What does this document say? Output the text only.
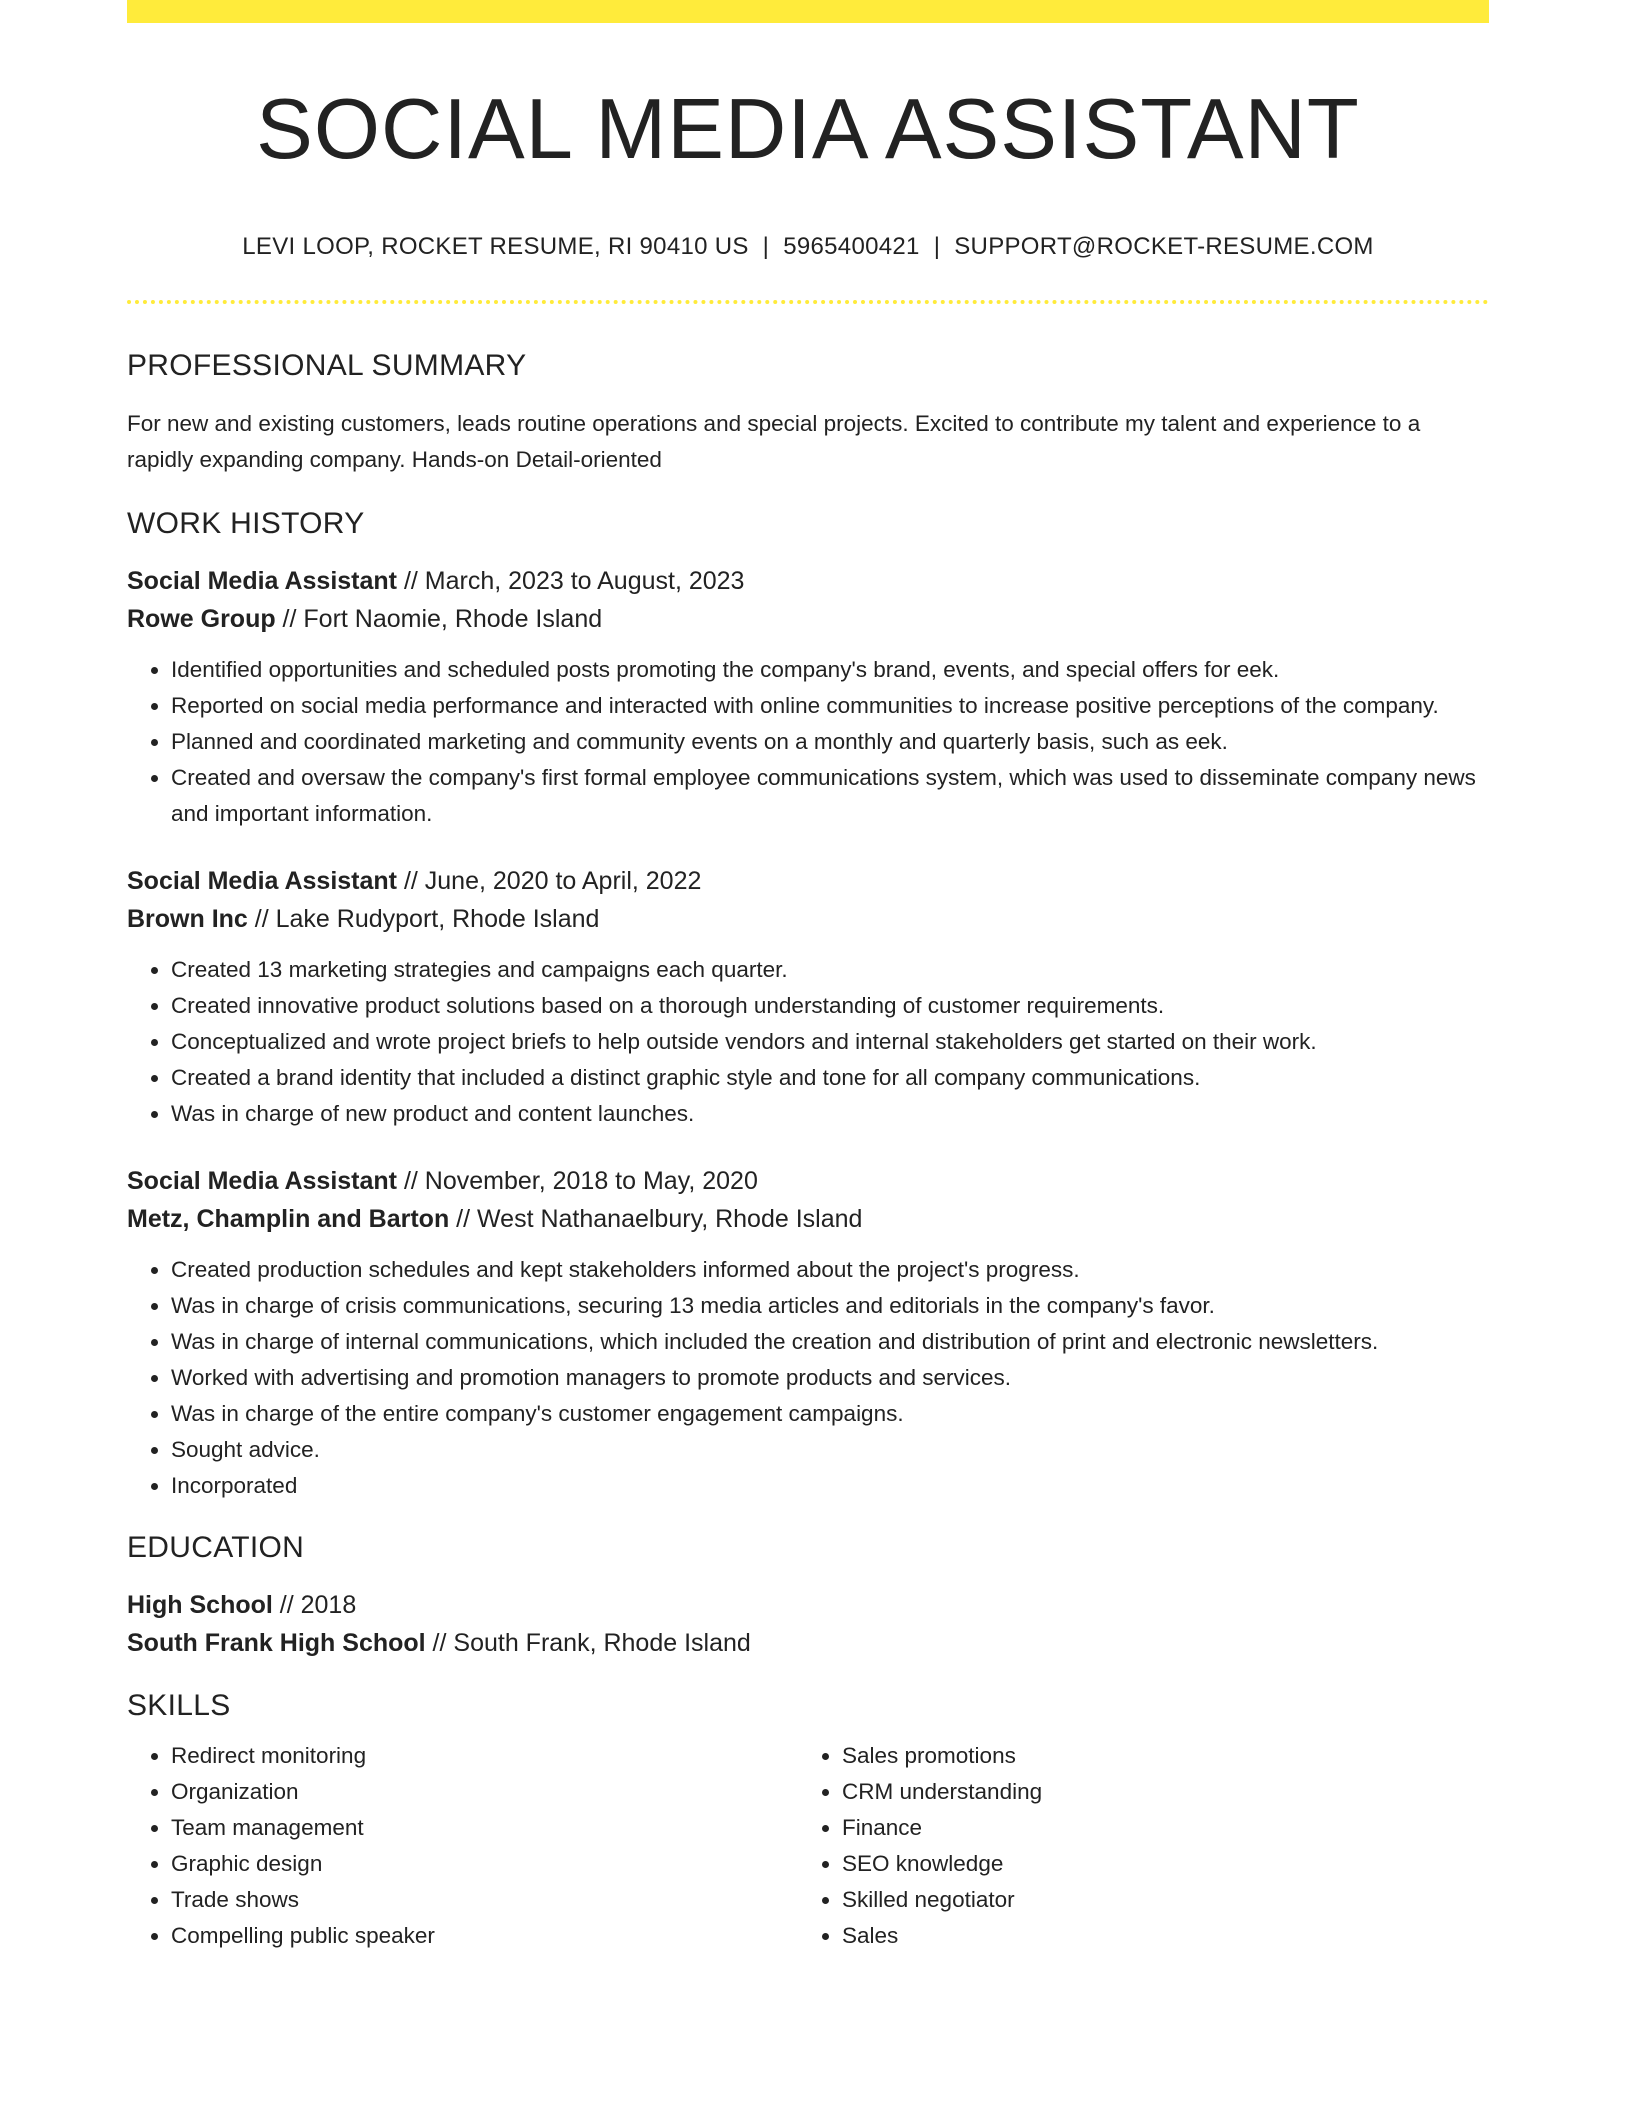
SOCIAL MEDIA ASSISTANT
LEVI LOOP, ROCKET RESUME, RI 90410 US | 5965400421 | SUPPORT@ROCKET-RESUME.COM
PROFESSIONAL SUMMARY
For new and existing customers, leads routine operations and special projects. Excited to contribute my talent and experience to a rapidly expanding company. Hands-on Detail-oriented
WORK HISTORY
Social Media Assistant // March, 2023 to August, 2023
Rowe Group // Fort Naomie, Rhode Island
• Identified opportunities and scheduled posts promoting the company's brand, events, and special offers for eek.
• Reported on social media performance and interacted with online communities to increase positive perceptions of the company.
• Planned and coordinated marketing and community events on a monthly and quarterly basis, such as eek.
• Created and oversaw the company's first formal employee communications system, which was used to disseminate company news and important information.
Social Media Assistant // June, 2020 to April, 2022
Brown Inc // Lake Rudyport, Rhode Island
• Created 13 marketing strategies and campaigns each quarter.
• Created innovative product solutions based on a thorough understanding of customer requirements.
• Conceptualized and wrote project briefs to help outside vendors and internal stakeholders get started on their work.
• Created a brand identity that included a distinct graphic style and tone for all company communications.
• Was in charge of new product and content launches.
Social Media Assistant // November, 2018 to May, 2020
Metz, Champlin and Barton // West Nathanaelbury, Rhode Island
• Created production schedules and kept stakeholders informed about the project's progress.
• Was in charge of crisis communications, securing 13 media articles and editorials in the company's favor.
• Was in charge of internal communications, which included the creation and distribution of print and electronic newsletters.
• Worked with advertising and promotion managers to promote products and services.
• Was in charge of the entire company's customer engagement campaigns.
• Sought advice.
• Incorporated
EDUCATION
High School // 2018
South Frank High School // South Frank, Rhode Island
SKILLS
• Redirect monitoring
• Organization
• Team management
• Graphic design
• Trade shows
• Compelling public speaker
• Sales promotions
• CRM understanding
• Finance
• SEO knowledge
• Skilled negotiator
• Sales
